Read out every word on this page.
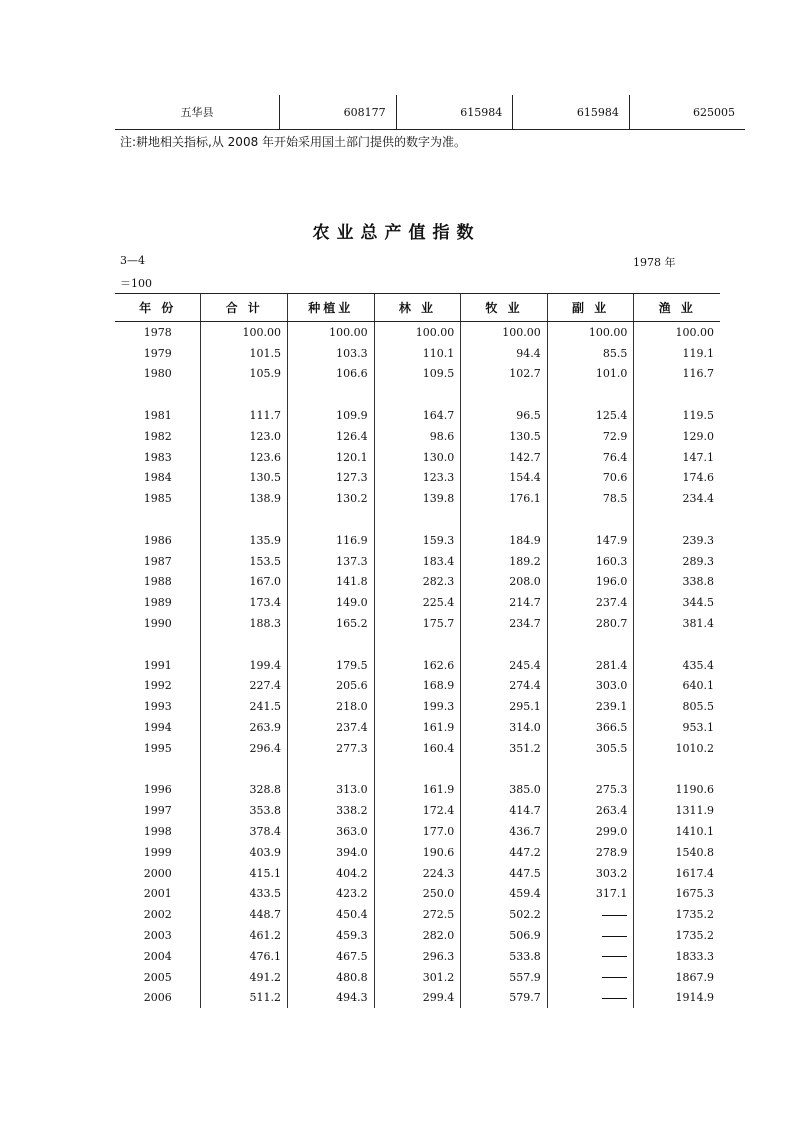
五华县	608177	615984	615984	625005

注:耕地相关指标,从 2008 年开始采用国土部门提供的数字为准。

农业总产值指数
3—4	1978 年
＝100
年 份	合 计	种植业	林 业	牧 业	副 业	渔 业
1978	100.00	100.00	100.00	100.00	100.00	100.00
1979	101.5	103.3	110.1	94.4	85.5	119.1
1980	105.9	106.6	109.5	102.7	101.0	116.7

1981	111.7	109.9	164.7	96.5	125.4	119.5
1982	123.0	126.4	98.6	130.5	72.9	129.0
1983	123.6	120.1	130.0	142.7	76.4	147.1
1984	130.5	127.3	123.3	154.4	70.6	174.6
1985	138.9	130.2	139.8	176.1	78.5	234.4

1986	135.9	116.9	159.3	184.9	147.9	239.3
1987	153.5	137.3	183.4	189.2	160.3	289.3
1988	167.0	141.8	282.3	208.0	196.0	338.8
1989	173.4	149.0	225.4	214.7	237.4	344.5
1990	188.3	165.2	175.7	234.7	280.7	381.4

1991	199.4	179.5	162.6	245.4	281.4	435.4
1992	227.4	205.6	168.9	274.4	303.0	640.1
1993	241.5	218.0	199.3	295.1	239.1	805.5
1994	263.9	237.4	161.9	314.0	366.5	953.1
1995	296.4	277.3	160.4	351.2	305.5	1010.2

1996	328.8	313.0	161.9	385.0	275.3	1190.6
1997	353.8	338.2	172.4	414.7	263.4	1311.9
1998	378.4	363.0	177.0	436.7	299.0	1410.1
1999	403.9	394.0	190.6	447.2	278.9	1540.8
2000	415.1	404.2	224.3	447.5	303.2	1617.4
2001	433.5	423.2	250.0	459.4	317.1	1675.3
2002	448.7	450.4	272.5	502.2		1735.2
2003	461.2	459.3	282.0	506.9		1735.2
2004	476.1	467.5	296.3	533.8		1833.3
2005	491.2	480.8	301.2	557.9		1867.9
2006	511.2	494.3	299.4	579.7		1914.9
